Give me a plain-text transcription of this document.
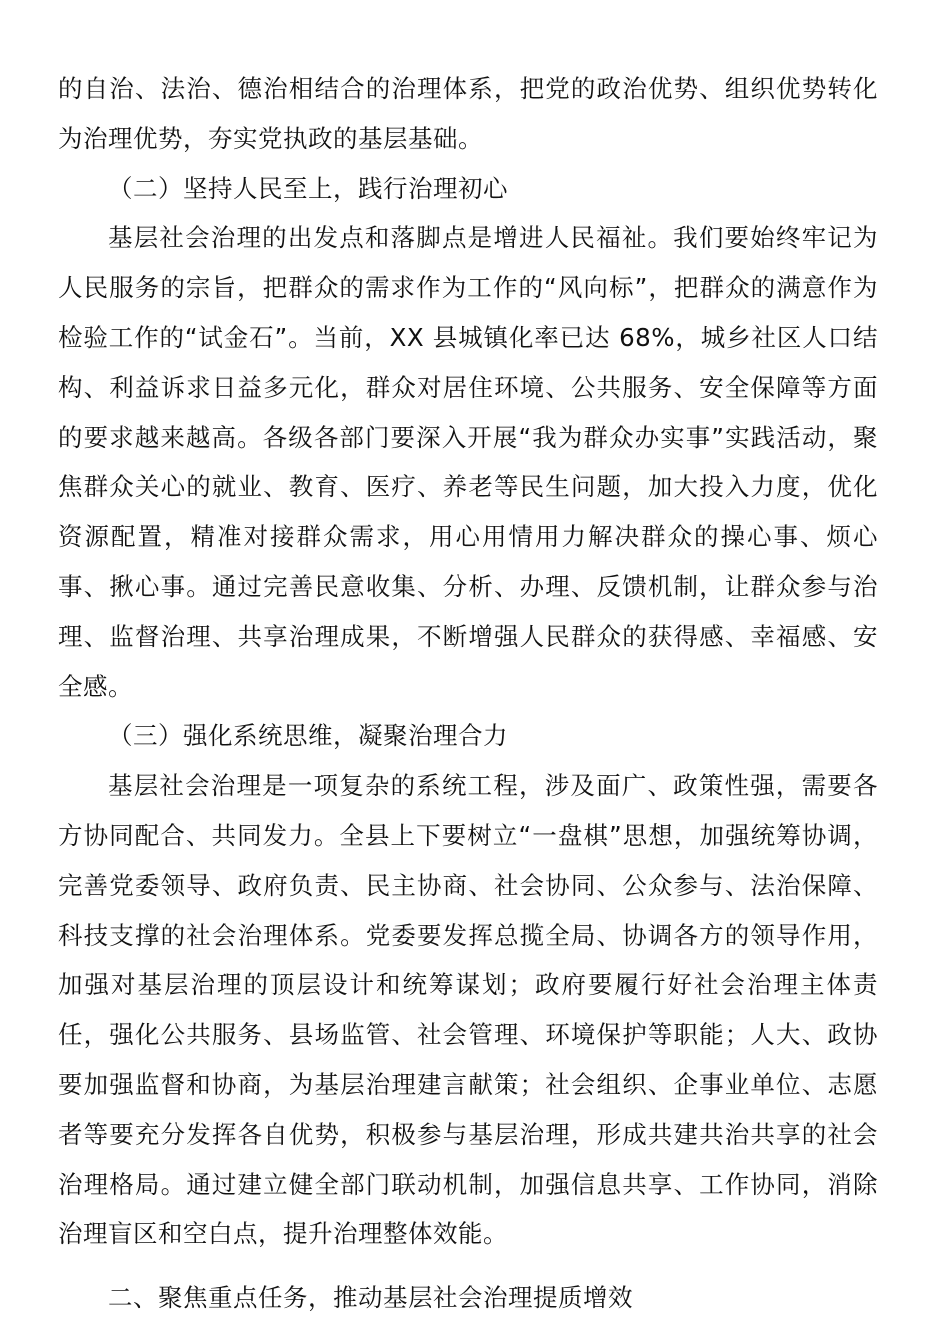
的自治、法治、德治相结合的治理体系，把党的政治优势、组织优势转化为治理优势，夯实党执政的基层基础。

（二）坚持人民至上，践行治理初心

基层社会治理的出发点和落脚点是增进人民福祉。我们要始终牢记为人民服务的宗旨，把群众的需求作为工作的“风向标”，把群众的满意作为检验工作的“试金石”。当前，XX 县城镇化率已达 68%，城乡社区人口结构、利益诉求日益多元化，群众对居住环境、公共服务、安全保障等方面的要求越来越高。各级各部门要深入开展“我为群众办实事”实践活动，聚焦群众关心的就业、教育、医疗、养老等民生问题，加大投入力度，优化资源配置，精准对接群众需求，用心用情用力解决群众的操心事、烦心事、揪心事。通过完善民意收集、分析、办理、反馈机制，让群众参与治理、监督治理、共享治理成果，不断增强人民群众的获得感、幸福感、安全感。

（三）强化系统思维，凝聚治理合力

基层社会治理是一项复杂的系统工程，涉及面广、政策性强，需要各方协同配合、共同发力。全县上下要树立“一盘棋”思想，加强统筹协调，完善党委领导、政府负责、民主协商、社会协同、公众参与、法治保障、科技支撑的社会治理体系。党委要发挥总揽全局、协调各方的领导作用，加强对基层治理的顶层设计和统筹谋划；政府要履行好社会治理主体责任，强化公共服务、县场监管、社会管理、环境保护等职能；人大、政协要加强监督和协商，为基层治理建言献策；社会组织、企事业单位、志愿者等要充分发挥各自优势，积极参与基层治理，形成共建共治共享的社会治理格局。通过建立健全部门联动机制，加强信息共享、工作协同，消除治理盲区和空白点，提升治理整体效能。

二、聚焦重点任务，推动基层社会治理提质增效
